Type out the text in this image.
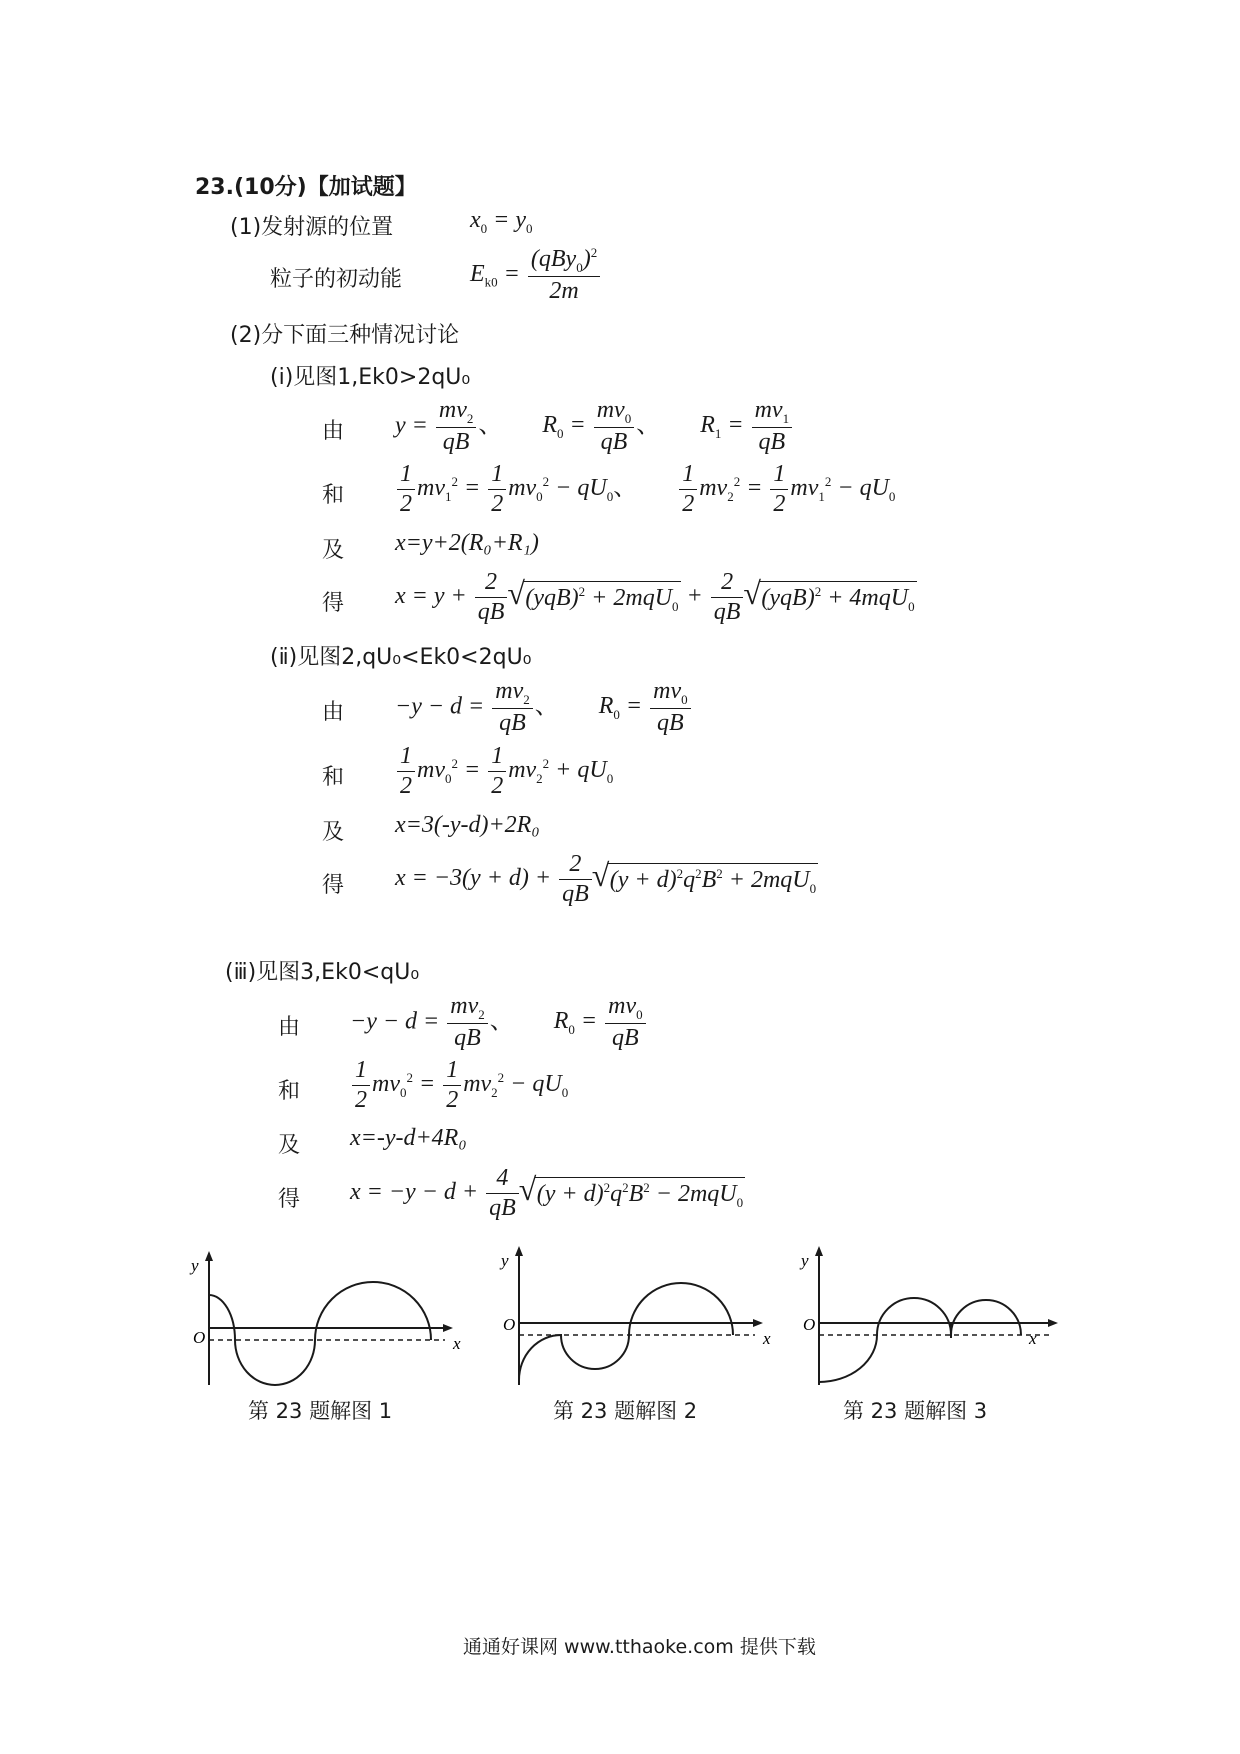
23.(10分)【加试题】
(1)发射源的位置	$x_0 = y_0$
粒子的初动能	$E_{k0} = \frac{(qBy_0)^2}{2m}$
(2)分下面三种情况讨论
(ⅰ)见图1,Ek0>2qU₀
由 $y = \frac{mv_2}{qB}$ 、 $R_0 = \frac{mv_0}{qB}$ 、 $R_1 = \frac{mv_1}{qB}$
和 $\frac{1}{2} mv_1^2 = \frac{1}{2} mv_0^2 - qU_0$、 $\frac{1}{2} mv_2^2 = \frac{1}{2} mv_1^2 - qU_0$
及 x=y+2(R₀+R₁)
得 $x = y + \frac{2}{qB}$ √ $(yqB)^2 + 2mqU_0 + \frac{2}{qB}$ √ (yqB)$^2$ + 4mqU$_0$
(ⅱ)见图2,qU₀<Ek0<2qU₀
由 $-y - d = \frac{mv_2}{qB}$ 、 $R_0 = \frac{mv_0}{qB}$
和 $\frac{1}{2} mv_0^2 = \frac{1}{2} mv_2^2 + qU_0$
及 x=3(-y-d)+2R₀
得 $x = -3(y + d) + \frac{2}{qB}$ √ $(y + d)^2q^2B^2 + 2mqU_0$
(ⅲ)见图3,Ek0<qU₀
由 $-y - d = \frac{mv_2}{qB}$ 、 $R_0 = \frac{mv_0}{qB}$
和 $\frac{1}{2} mv_0^2 = \frac{1}{2} mv_2^2 - qU_0$
及 x=-y-d+4R₀
得 $x = -y - d + \frac{4}{qB}$ √ $(y + d)^2q^2B^2 - 2mqU_0$
y
O	x
第 23 题解图 1
y
O
x
第 23 题解图 2
y
O
x
第 23 题解图 3
通通好课网 www.tthaoke.com 提供下载
